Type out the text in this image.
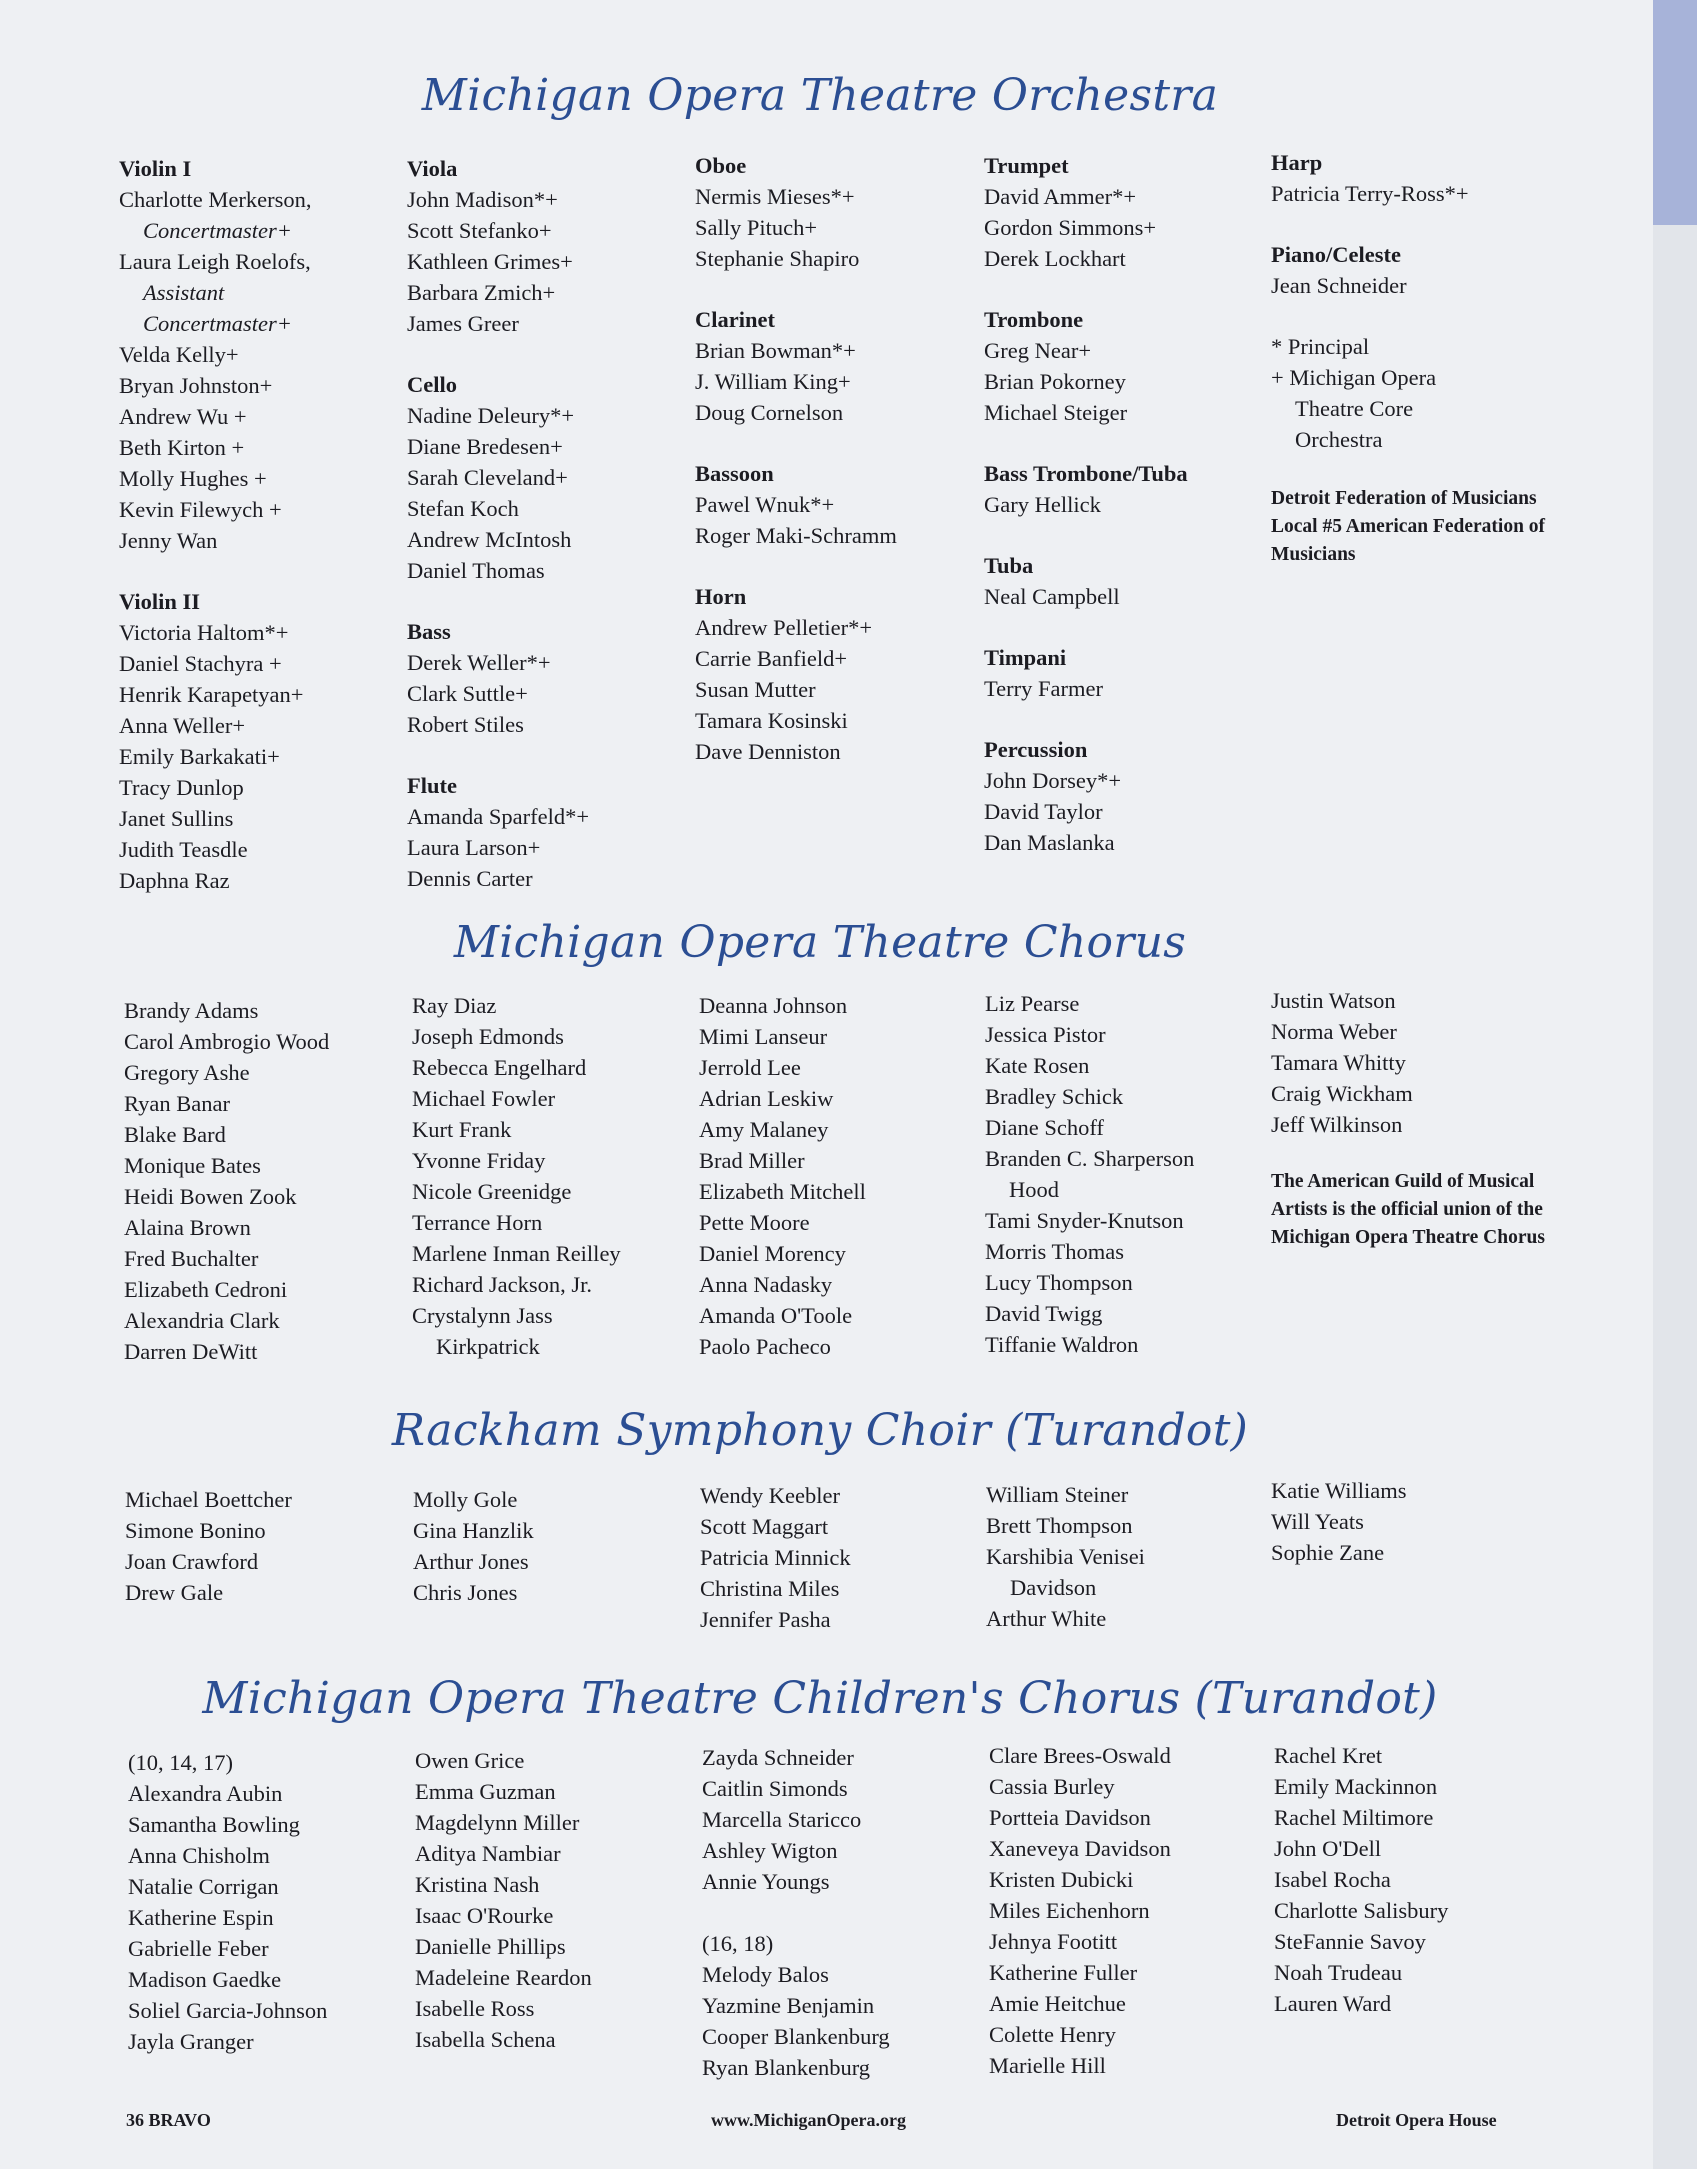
Michigan Opera Theatre Orchestra
Violin I
Charlotte Merkerson,
Concertmaster+
Laura Leigh Roelofs,
Assistant
Concertmaster+
Velda Kelly+
Bryan Johnston+
Andrew Wu +
Beth Kirton +
Molly Hughes +
Kevin Filewych +
Jenny Wan
Violin II
Victoria Haltom*+
Daniel Stachyra +
Henrik Karapetyan+
Anna Weller+
Emily Barkakati+
Tracy Dunlop
Janet Sullins
Judith Teasdle
Daphna Raz
Viola
John Madison*+
Scott Stefanko+
Kathleen Grimes+
Barbara Zmich+
James Greer
Cello
Nadine Deleury*+
Diane Bredesen+
Sarah Cleveland+
Stefan Koch
Andrew McIntosh
Daniel Thomas
Bass
Derek Weller*+
Clark Suttle+
Robert Stiles
Flute
Amanda Sparfeld*+
Laura Larson+
Dennis Carter
Oboe
Nermis Mieses*+
Sally Pituch+
Stephanie Shapiro
Clarinet
Brian Bowman*+
J. William King+
Doug Cornelson
Bassoon
Pawel Wnuk*+
Roger Maki-Schramm
Horn
Andrew Pelletier*+
Carrie Banfield+
Susan Mutter
Tamara Kosinski
Dave Denniston
Trumpet
David Ammer*+
Gordon Simmons+
Derek Lockhart
Trombone
Greg Near+
Brian Pokorney
Michael Steiger
Bass Trombone/Tuba
Gary Hellick
Tuba
Neal Campbell
Timpani
Terry Farmer
Percussion
John Dorsey*+
David Taylor
Dan Maslanka
Harp
Patricia Terry-Ross*+
Piano/Celeste
Jean Schneider
* Principal
+ Michigan Opera
Theatre Core
Orchestra
Detroit Federation of Musicians Local #5 American Federation of Musicians
Michigan Opera Theatre Chorus
Brandy Adams
Carol Ambrogio Wood
Gregory Ashe
Ryan Banar
Blake Bard
Monique Bates
Heidi Bowen Zook
Alaina Brown
Fred Buchalter
Elizabeth Cedroni
Alexandria Clark
Darren DeWitt
Ray Diaz
Joseph Edmonds
Rebecca Engelhard
Michael Fowler
Kurt Frank
Yvonne Friday
Nicole Greenidge
Terrance Horn
Marlene Inman Reilley
Richard Jackson, Jr.
Crystalynn Jass
Kirkpatrick
Deanna Johnson
Mimi Lanseur
Jerrold Lee
Adrian Leskiw
Amy Malaney
Brad Miller
Elizabeth Mitchell
Pette Moore
Daniel Morency
Anna Nadasky
Amanda O'Toole
Paolo Pacheco
Liz Pearse
Jessica Pistor
Kate Rosen
Bradley Schick
Diane Schoff
Branden C. Sharperson
Hood
Tami Snyder-Knutson
Morris Thomas
Lucy Thompson
David Twigg
Tiffanie Waldron
Justin Watson
Norma Weber
Tamara Whitty
Craig Wickham
Jeff Wilkinson
The American Guild of Musical Artists is the official union of the Michigan Opera Theatre Chorus
Rackham Symphony Choir (Turandot)
Michael Boettcher
Simone Bonino
Joan Crawford
Drew Gale
Molly Gole
Gina Hanzlik
Arthur Jones
Chris Jones
Wendy Keebler
Scott Maggart
Patricia Minnick
Christina Miles
Jennifer Pasha
William Steiner
Brett Thompson
Karshibia Venisei
Davidson
Arthur White
Katie Williams
Will Yeats
Sophie Zane
Michigan Opera Theatre Children's Chorus (Turandot)
(10, 14, 17)
Alexandra Aubin
Samantha Bowling
Anna Chisholm
Natalie Corrigan
Katherine Espin
Gabrielle Feber
Madison Gaedke
Soliel Garcia-Johnson
Jayla Granger
Owen Grice
Emma Guzman
Magdelynn Miller
Aditya Nambiar
Kristina Nash
Isaac O'Rourke
Danielle Phillips
Madeleine Reardon
Isabelle Ross
Isabella Schena
Zayda Schneider
Caitlin Simonds
Marcella Staricco
Ashley Wigton
Annie Youngs

(16, 18)
Melody Balos
Yazmine Benjamin
Cooper Blankenburg
Ryan Blankenburg
Clare Brees-Oswald
Cassia Burley
Portteia Davidson
Xaneveya Davidson
Kristen Dubicki
Miles Eichenhorn
Jehnya Footitt
Katherine Fuller
Amie Heitchue
Colette Henry
Marielle Hill
Rachel Kret
Emily Mackinnon
Rachel Miltimore
John O'Dell
Isabel Rocha
Charlotte Salisbury
SteFannie Savoy
Noah Trudeau
Lauren Ward
36 BRAVO	www.MichiganOpera.org	Detroit Opera House
